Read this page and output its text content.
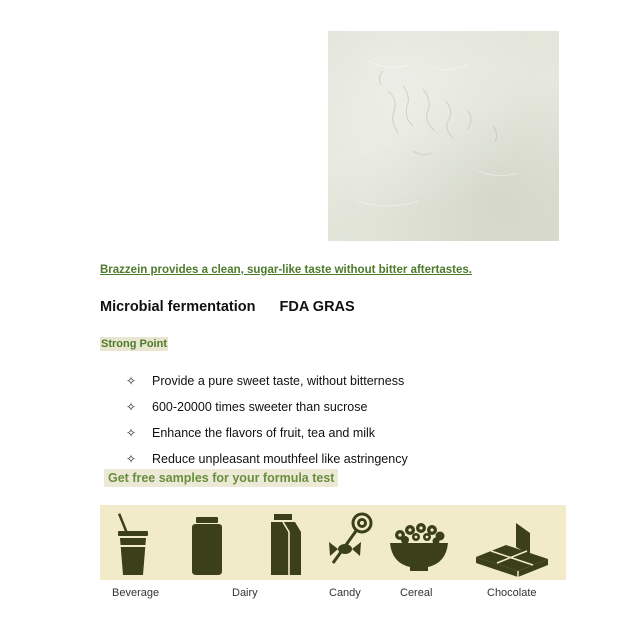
Brazzein provides a clean, sugar-like taste without bitter aftertastes.
Microbial fermentation FDA GRAS
Strong Point
✧	Provide a pure sweet taste, without bitterness
✧	600-20000 times sweeter than sucrose
✧	Enhance the flavors of fruit, tea and milk
✧	Reduce unpleasant mouthfeel like astringency
Get free samples for your formula test
Beverage	Dairy	Candy	Cereal	Chocolate
